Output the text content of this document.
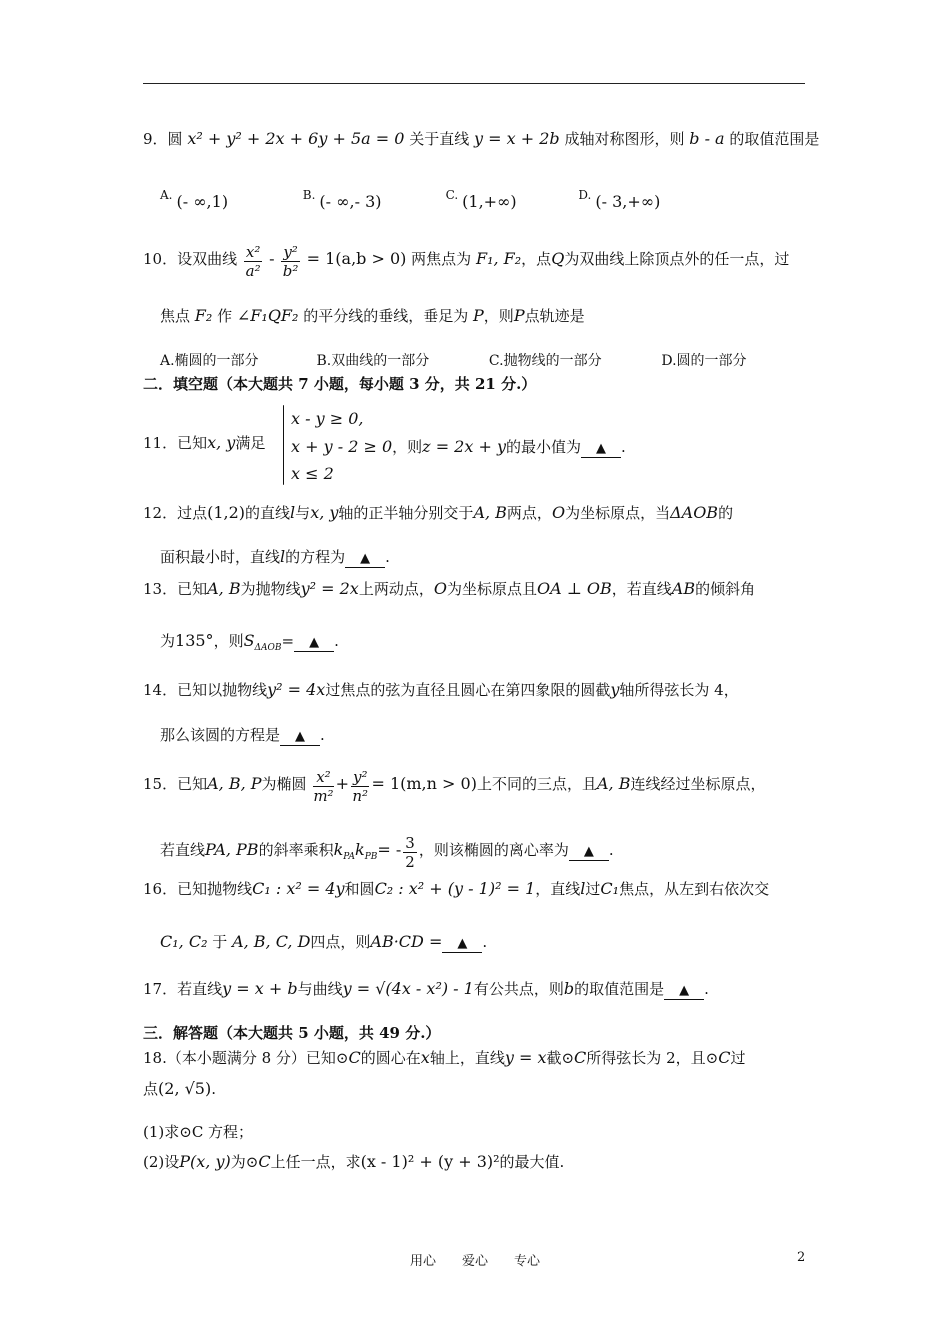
9．圆 x² + y² + 2x + 6y + 5a = 0 关于直线 y = x + 2b 成轴对称图形，则 b - a 的取值范围是
$^{A.}$ (- ∞,1)	$^{B.}$ (- ∞,- 3)	$^{C.}$ (1,+∞)	$^{D.}$ (- 3,+∞)
10．设双曲线 $\frac{\text{x²}}{\text{a²}} - \frac{\text{y²}}{\text{b²}} = 1(a,b > 0)$ 两焦点为 F₁, F₂，点Q为双曲线上除顶点外的任一点，过
焦点 F₂ 作 ∠F₁QF₂ 的平分线的垂线，垂足为 P，则P点轨迹是
A.椭圆的一部分	B.双曲线的一部分	C.抛物线的一部分	D.圆的一部分
二．填空题（本大题共 7 小题，每小题 3 分，共 21 分.）
11．已知x, y满足
x - y ≥ 0,
x + y - 2 ≥ 0，则z = 2x + y的最小值为 ▲ .
x ≤ 2
12．过点(1,2)的直线l与x, y轴的正半轴分别交于A, B两点，O为坐标原点，当ΔAOB的
面积最小时，直线l的方程为 ▲ .
13．已知A, B为抛物线y² = 2x上两动点，O为坐标原点且OA ⊥ OB，若直线AB的倾斜角
为135°，则$S_{\Delta AOB}=$ ▲ .
14．已知以抛物线y² = 4x过焦点的弦为直径且圆心在第四象限的圆截y轴所得弦长为 4，
那么该圆的方程是 ▲ .
15．已知A, B, P为椭圆 $\frac{\text{x²}}{\text{m²}} + \frac{\text{y²}}{\text{n²}} = 1(m,n > 0)$上不同的三点，且A, B连线经过坐标原点，
若直线PA, PB的斜率乘积$k_{PA}k_{PB}= - \frac{3}{2}$ ，则该椭圆的离心率为 ▲ .
16．已知抛物线C₁ : x² = 4y和圆C₂ : x² + (y - 1)² = 1，直线l过C₁焦点，从左到右依次交
C₁, C₂ 于 A, B, C, D四点，则AB·CD = ▲ .
17．若直线y = x + b与曲线y = √(4x - x²) - 1有公共点，则b的取值范围是 ▲ .
三．解答题（本大题共 5 小题，共 49 分.）
18.（本小题满分 8 分）已知⊙C的圆心在x轴上，直线y = x截⊙C所得弦长为 2，且⊙C过
点(2, √5).
(1)求⊙C 方程；
(2)设P(x, y)为⊙C上任一点，求(x - 1)² + (y + 3)²的最大值.
用心 爱心 专心	2
